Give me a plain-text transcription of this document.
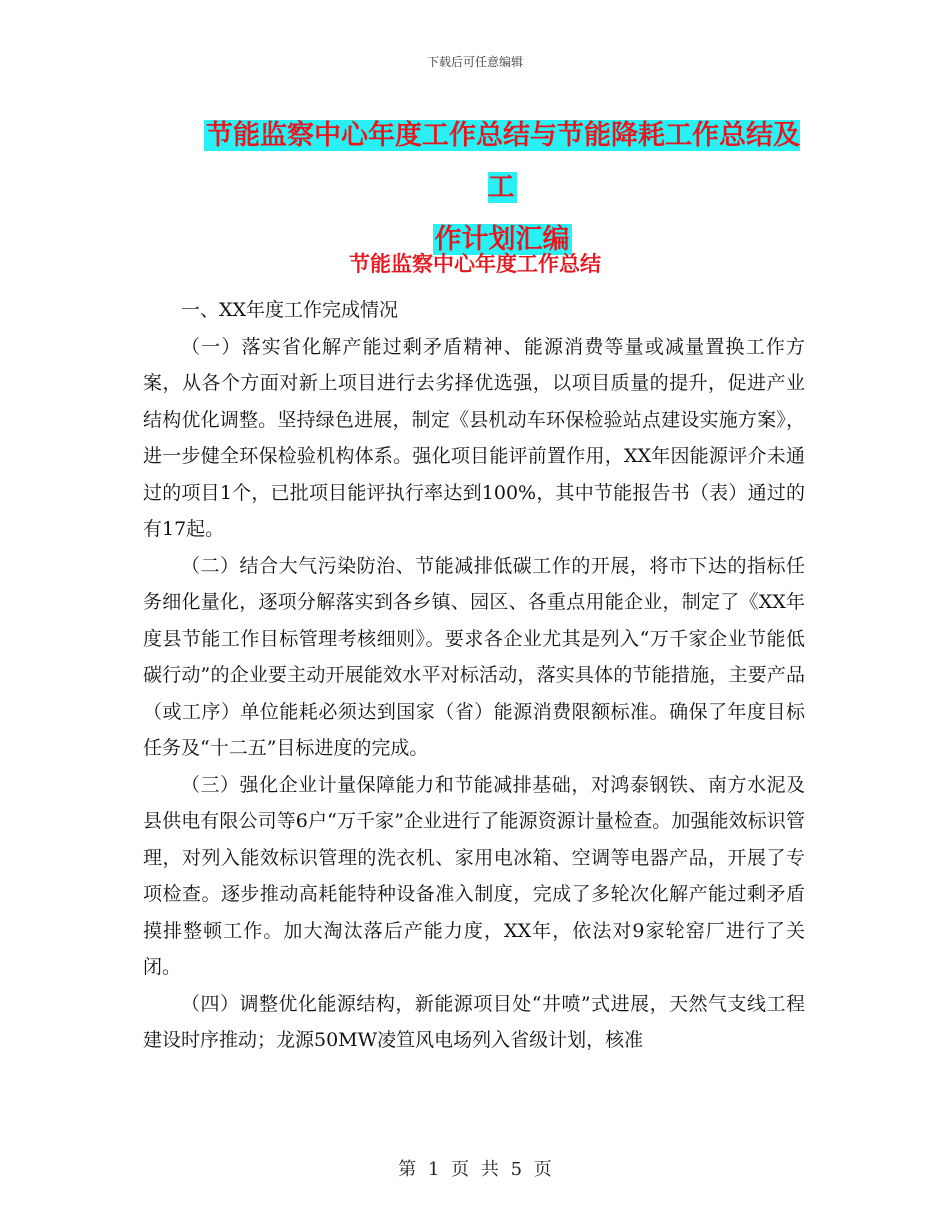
下载后可任意编辑
节能监察中心年度工作总结与节能降耗工作总结及工
作计划汇编
节能监察中心年度工作总结

一、XX年度工作完成情况

（一）落实省化解产能过剩矛盾精神、能源消费等量或减量置换工作方案，从各个方面对新上项目进行去劣择优选强，以项目质量的提升，促进产业结构优化调整。坚持绿色进展，制定《县机动车环保检验站点建设实施方案》，进一步健全环保检验机构体系。强化项目能评前置作用，XX年因能源评介未通过的项目1个，已批项目能评执行率达到100%，其中节能报告书（表）通过的有17起。

（二）结合大气污染防治、节能减排低碳工作的开展，将市下达的指标任务细化量化，逐项分解落实到各乡镇、园区、各重点用能企业，制定了《XX年度县节能工作目标管理考核细则》。要求各企业尤其是列入“万千家企业节能低碳行动”的企业要主动开展能效水平对标活动，落实具体的节能措施，主要产品（或工序）单位能耗必须达到国家（省）能源消费限额标准。确保了年度目标任务及“十二五”目标进度的完成。

（三）强化企业计量保障能力和节能减排基础，对鸿泰钢铁、南方水泥及县供电有限公司等6户“万千家”企业进行了能源资源计量检查。加强能效标识管理，对列入能效标识管理的洗衣机、家用电冰箱、空调等电器产品，开展了专项检查。逐步推动高耗能特种设备准入制度，完成了多轮次化解产能过剩矛盾摸排整顿工作。加大淘汰落后产能力度，XX年，依法对9家轮窑厂进行了关闭。

（四）调整优化能源结构，新能源项目处“井喷”式进展，天然气支线工程建设时序推动；龙源50MW凌笪风电场列入省级计划，核准

第 1 页 共 5 页
